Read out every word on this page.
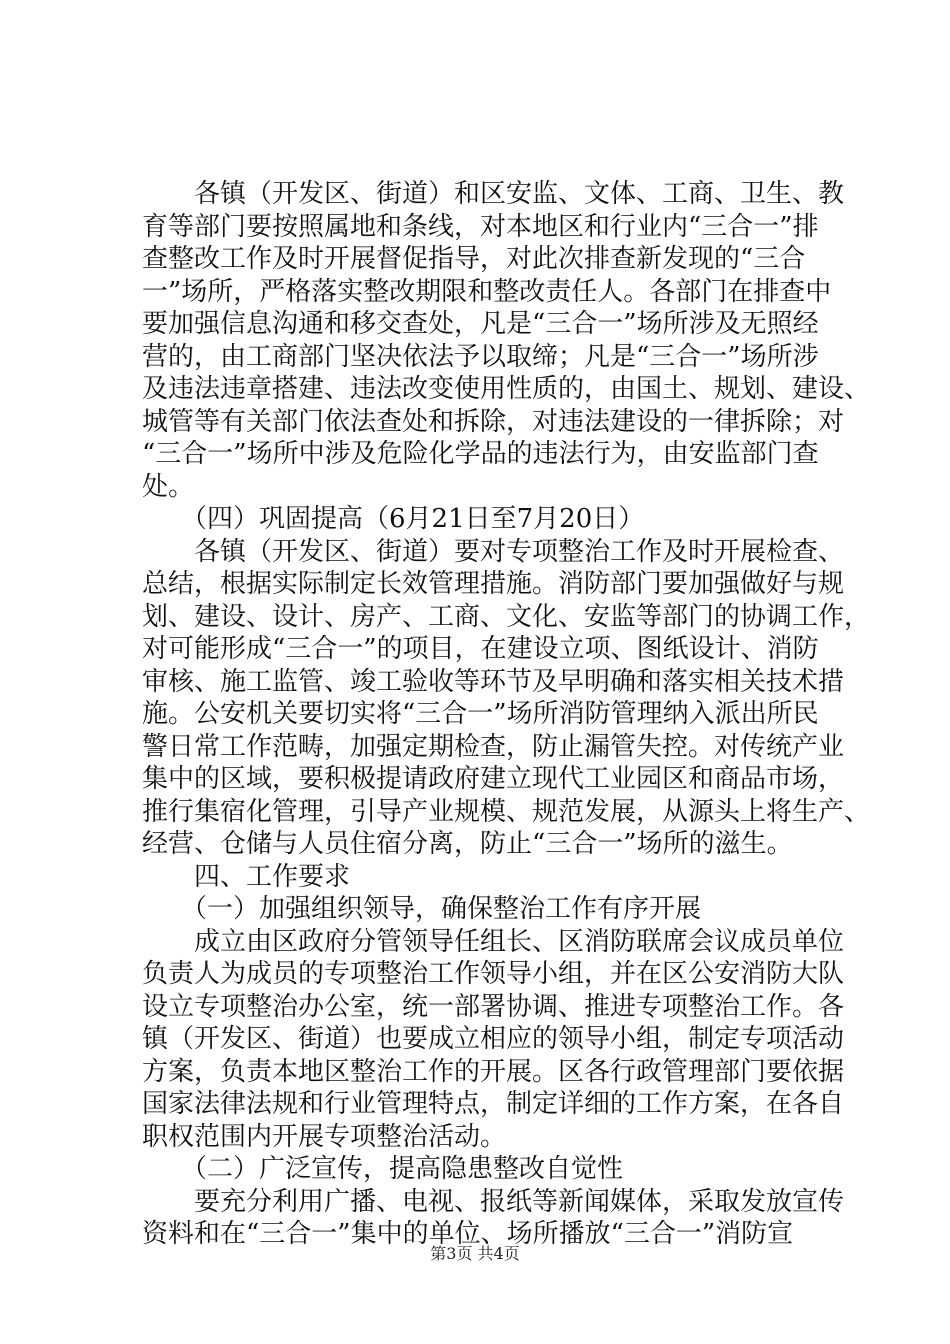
　　各镇（开发区、街道）和区安监、文体、工商、卫生、教
育等部门要按照属地和条线，对本地区和行业内“三合一”排
查整改工作及时开展督促指导，对此次排查新发现的“三合
一”场所，严格落实整改期限和整改责任人。各部门在排查中
要加强信息沟通和移交查处，凡是“三合一”场所涉及无照经
营的，由工商部门坚决依法予以取缔；凡是“三合一”场所涉
及违法违章搭建、违法改变使用性质的，由国土、规划、建设、
城管等有关部门依法查处和拆除，对违法建设的一律拆除；对
“三合一”场所中涉及危险化学品的违法行为，由安监部门查
处。
　　（四）巩固提高（6月21日至7月20日）
　　各镇（开发区、街道）要对专项整治工作及时开展检查、
总结，根据实际制定长效管理措施。消防部门要加强做好与规
划、建设、设计、房产、工商、文化、安监等部门的协调工作，
对可能形成“三合一”的项目，在建设立项、图纸设计、消防
审核、施工监管、竣工验收等环节及早明确和落实相关技术措
施。公安机关要切实将“三合一”场所消防管理纳入派出所民
警日常工作范畴，加强定期检查，防止漏管失控。对传统产业
集中的区域，要积极提请政府建立现代工业园区和商品市场，
推行集宿化管理，引导产业规模、规范发展，从源头上将生产、
经营、仓储与人员住宿分离，防止“三合一”场所的滋生。
　　四、工作要求
　　（一）加强组织领导，确保整治工作有序开展
　　成立由区政府分管领导任组长、区消防联席会议成员单位
负责人为成员的专项整治工作领导小组，并在区公安消防大队
设立专项整治办公室，统一部署协调、推进专项整治工作。各
镇（开发区、街道）也要成立相应的领导小组，制定专项活动
方案，负责本地区整治工作的开展。区各行政管理部门要依据
国家法律法规和行业管理特点，制定详细的工作方案，在各自
职权范围内开展专项整治活动。
　　（二）广泛宣传，提高隐患整改自觉性
　　要充分利用广播、电视、报纸等新闻媒体，采取发放宣传
资料和在“三合一”集中的单位、场所播放“三合一”消防宣
第3页 共4页
